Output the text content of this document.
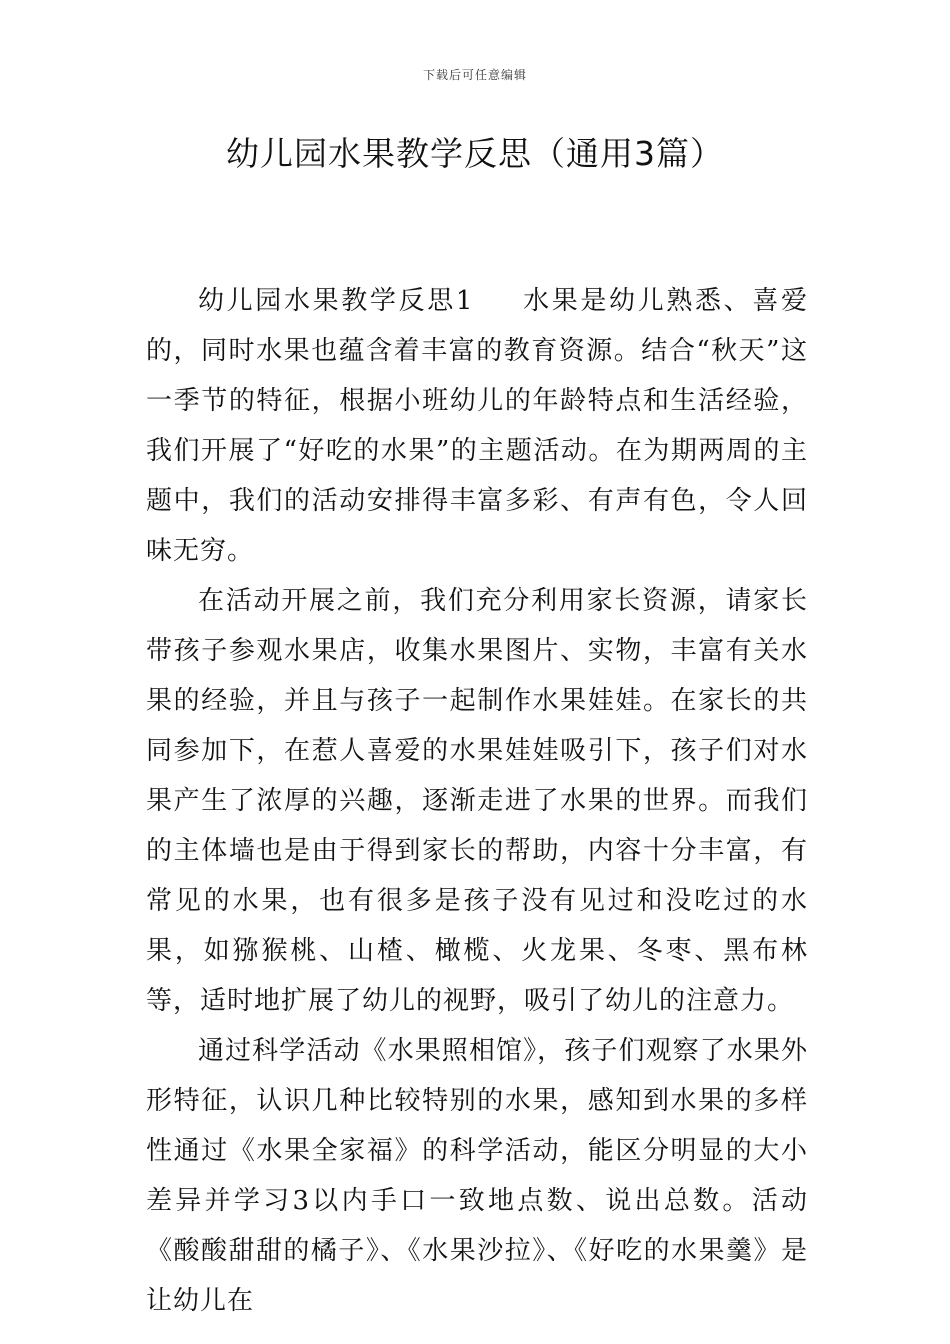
下载后可任意编辑
幼儿园水果教学反思（通用3篇）

幼儿园水果教学反思1 水果是幼儿熟悉、喜爱的，同时水果也蕴含着丰富的教育资源。结合“秋天”这一季节的特征，根据小班幼儿的年龄特点和生活经验，我们开展了“好吃的水果”的主题活动。在为期两周的主题中，我们的活动安排得丰富多彩、有声有色，令人回味无穷。

在活动开展之前，我们充分利用家长资源，请家长带孩子参观水果店，收集水果图片、实物，丰富有关水果的经验，并且与孩子一起制作水果娃娃。在家长的共同参加下，在惹人喜爱的水果娃娃吸引下，孩子们对水果产生了浓厚的兴趣，逐渐走进了水果的世界。而我们的主体墙也是由于得到家长的帮助，内容十分丰富，有常见的水果，也有很多是孩子没有见过和没吃过的水果，如猕猴桃、山楂、橄榄、火龙果、冬枣、黑布林等，适时地扩展了幼儿的视野，吸引了幼儿的注意力。

通过科学活动《水果照相馆》，孩子们观察了水果外形特征，认识几种比较特别的水果，感知到水果的多样性通过《水果全家福》的科学活动，能区分明显的大小差异并学习3以内手口一致地点数、说出总数。活动《酸酸甜甜的橘子》、《水果沙拉》、《好吃的水果羹》是让幼儿在
